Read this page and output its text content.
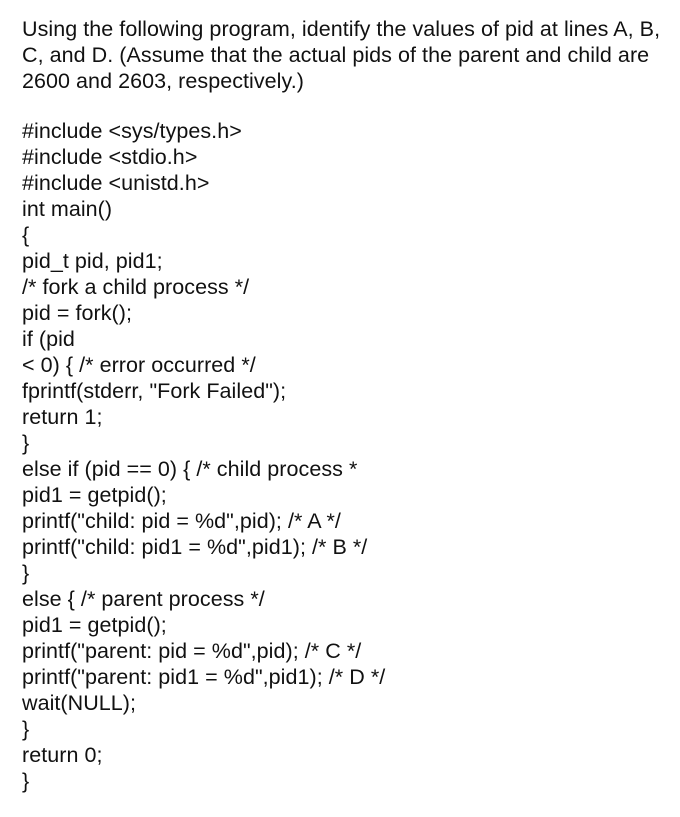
Using the following program, identify the values of pid at lines A, B, C, and D. (Assume that the actual pids of the parent and child are 2600 and 2603, respectively.)

#include <sys/types.h>
#include <stdio.h>
#include <unistd.h>
int main()
{
pid_t pid, pid1;
/* fork a child process */
pid = fork();
if (pid
< 0) { /* error occurred */
fprintf(stderr, "Fork Failed");
return 1;
}
else if (pid == 0) { /* child process *
pid1 = getpid();
printf("child: pid = %d",pid); /* A */
printf("child: pid1 = %d",pid1); /* B */
}
else { /* parent process */
pid1 = getpid();
printf("parent: pid = %d",pid); /* C */
printf("parent: pid1 = %d",pid1); /* D */
wait(NULL);
}
return 0;
}
